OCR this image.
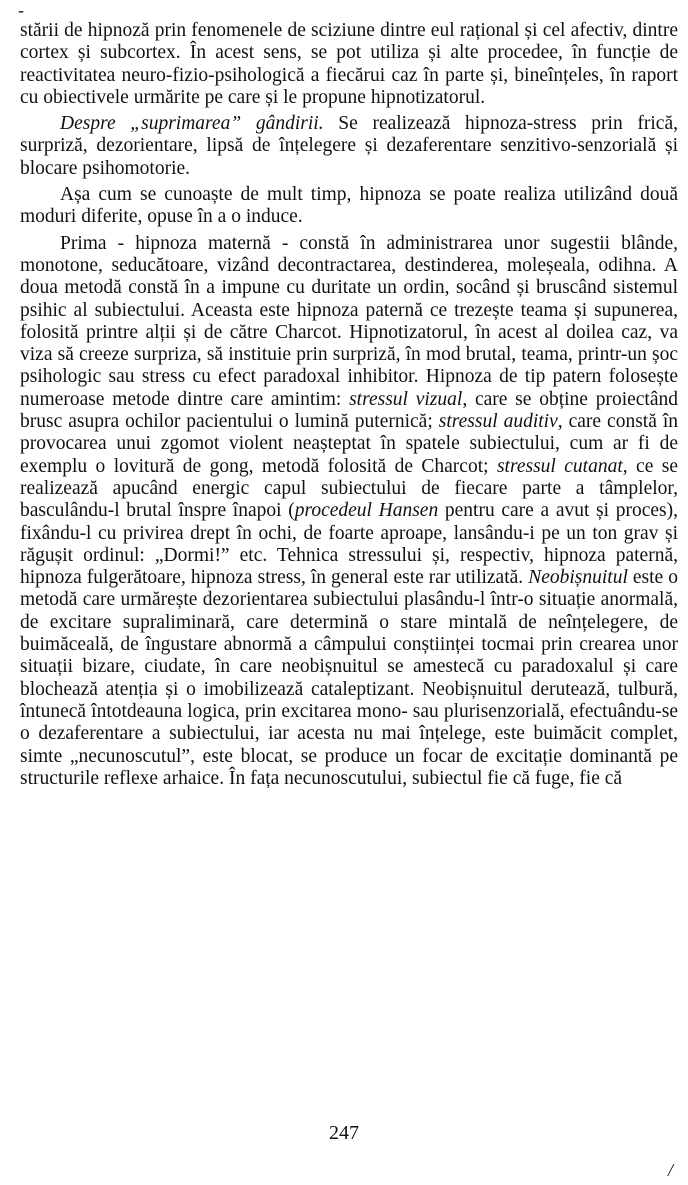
-

stării de hipnoză prin fenomenele de sciziune dintre eul rațional și cel afectiv, dintre cortex și subcortex. În acest sens, se pot utiliza și alte procedee, în funcție de reactivitatea neuro-fizio-psihologică a fiecărui caz în parte și, bineînțeles, în raport cu obiectivele urmărite pe care și le propune hipnotizatorul.

Despre „suprimarea” gândirii. Se realizează hipnoza-stress prin frică, surpriză, dezorientare, lipsă de înțelegere și dezaferentare senzitivo-senzorială și blocare psihomotorie.

Așa cum se cunoaște de mult timp, hipnoza se poate realiza utilizând două moduri diferite, opuse în a o induce.

Prima - hipnoza maternă - constă în administrarea unor sugestii blânde, monotone, seducătoare, vizând decontractarea, destinderea, moleșeala, odihna. A doua metodă constă în a impune cu duritate un ordin, socând și bruscând sistemul psihic al subiectului. Aceasta este hipnoza paternă ce trezește teama și supunerea, folosită printre alții și de către Charcot. Hipnotizatorul, în acest al doilea caz, va viza să creeze surpriza, să instituie prin surpriză, în mod brutal, teama, printr-un șoc psihologic sau stress cu efect paradoxal inhibitor. Hipnoza de tip patern folosește numeroase metode dintre care amintim: stressul vizual, care se obține proiectând brusc asupra ochilor pacientului o lumină puternică; stressul auditiv, care constă în provocarea unui zgomot violent neașteptat în spatele subiectului, cum ar fi de exemplu o lovitură de gong, metodă folosită de Charcot; stressul cutanat, ce se realizează apucând energic capul subiectului de fiecare parte a tâmplelor, basculându-l brutal înspre înapoi (procedeul Hansen pentru care a avut și proces), fixându-l cu privirea drept în ochi, de foarte aproape, lansându-i pe un ton grav și răgușit ordinul: „Dormi!” etc. Tehnica stressului și, respectiv, hipnoza paternă, hipnoza fulgerătoare, hipnoza stress, în general este rar utilizată. Neobișnuitul este o metodă care urmărește dezorientarea subiectului plasându-l într-o situație anormală, de excitare supraliminară, care determină o stare mintală de neînțelegere, de buimăceală, de îngustare abnormă a câmpului conștiinței tocmai prin crearea unor situații bizare, ciudate, în care neobișnuitul se amestecă cu paradoxalul și care blochează atenția și o imobilizează cataleptizant. Neobișnuitul derutează, tulbură, întunecă întotdeauna logica, prin excitarea mono- sau plurisenzorială, efectuându-se o dezaferentare a subiectului, iar acesta nu mai înțelege, este buimăcit complet, simte „necunoscutul”, este blocat, se produce un focar de excitație dominantă pe structurile reflexe arhaice. În fața necunoscutului, subiectul fie că fuge, fie că

247
/
